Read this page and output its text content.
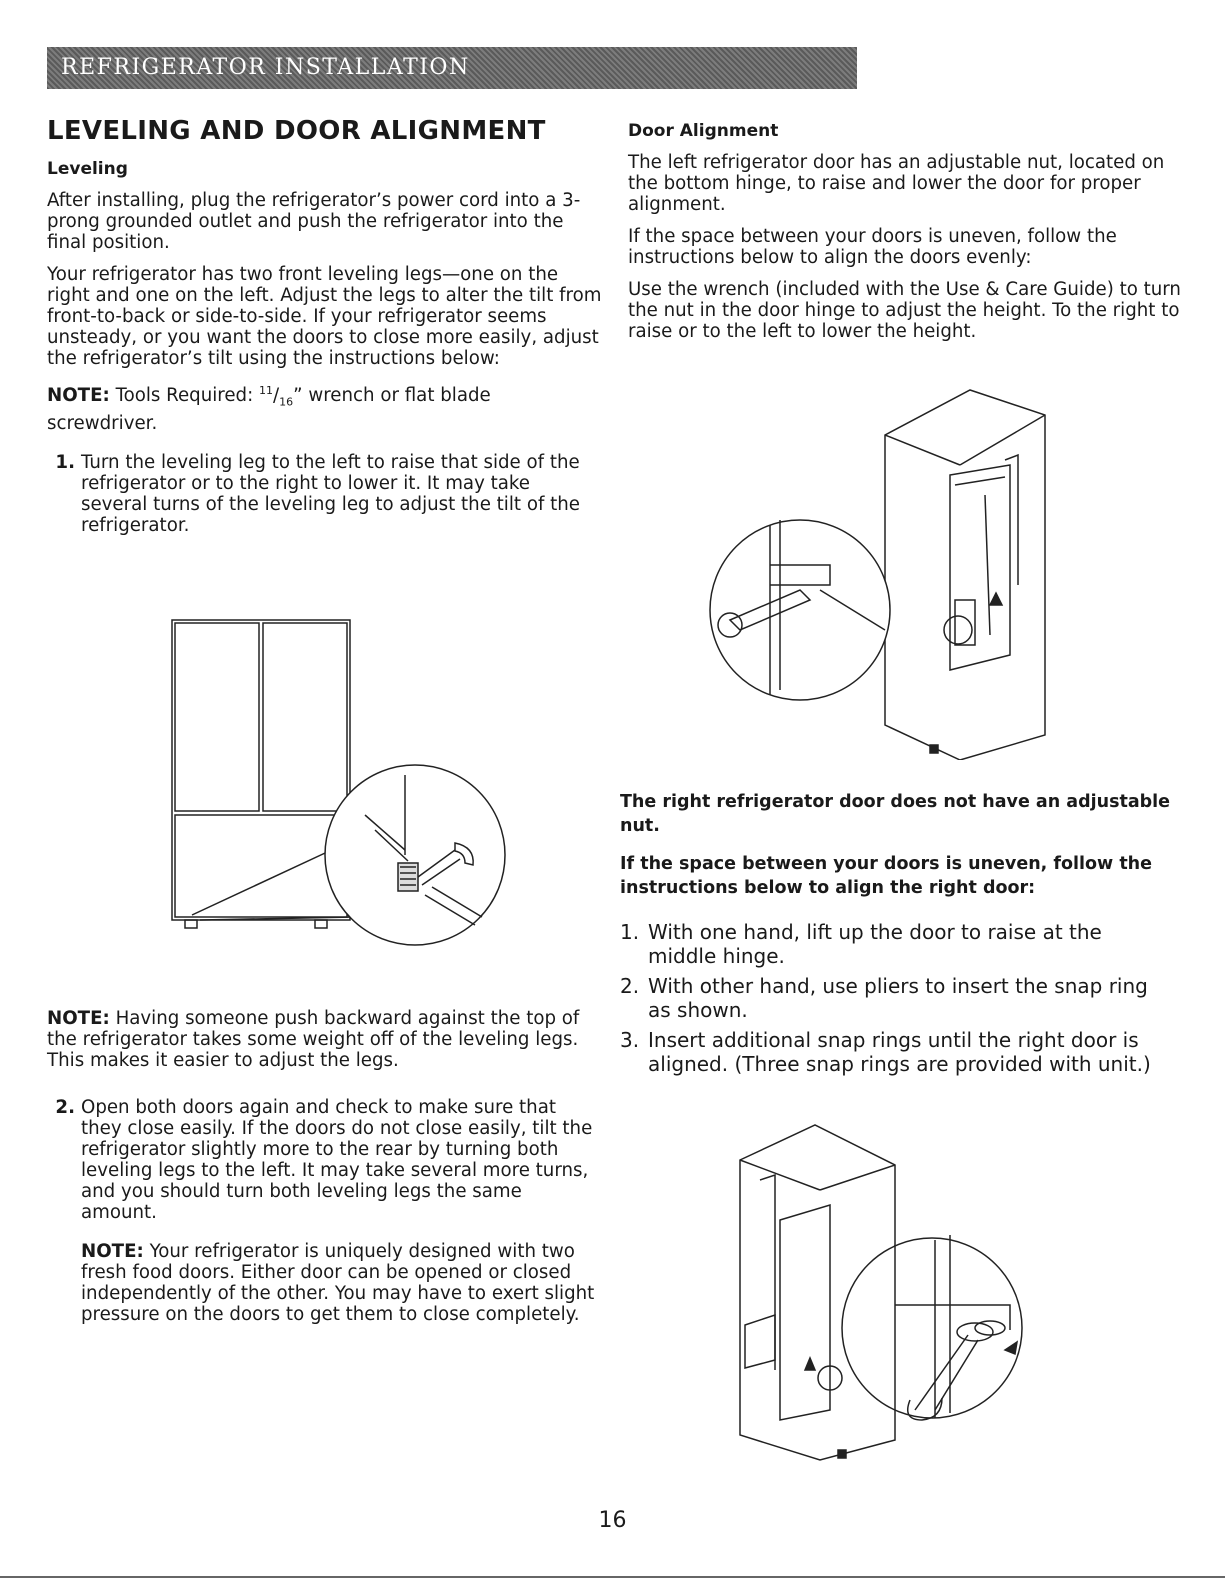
REFRIGERATOR INSTALLATION
LEVELING AND DOOR ALIGNMENT
Leveling

After installing, plug the refrigerator’s power cord into a 3-prong grounded outlet and push the refrigerator into the final position.

Your refrigerator has two front leveling legs—one on the right and one on the left. Adjust the legs to alter the tilt from front-to-back or side-to-side. If your refrigerator seems unsteady, or you want the doors to close more easily, adjust the refrigerator’s tilt using the instructions below:

NOTE: Tools Required: $^{11}/_{16}$” wrench or flat blade screwdriver.

1. Turn the leveling leg to the left to raise that side of the refrigerator or to the right to lower it. It may take several turns of the leveling leg to adjust the tilt of the refrigerator.

NOTE: Having someone push backward against the top of the refrigerator takes some weight off of the leveling legs. This makes it easier to adjust the legs.

2. Open both doors again and check to make sure that they close easily. If the doors do not close easily, tilt the refrigerator slightly more to the rear by turning both leveling legs to the left. It may take several more turns, and you should turn both leveling legs the same amount.

NOTE: Your refrigerator is uniquely designed with two fresh food doors. Either door can be opened or closed independently of the other. You may have to exert slight pressure on the doors to get them to close completely.

Door Alignment

The left refrigerator door has an adjustable nut, located on the bottom hinge, to raise and lower the door for proper alignment.

If the space between your doors is uneven, follow the instructions below to align the doors evenly:

Use the wrench (included with the Use & Care Guide) to turn the nut in the door hinge to adjust the height. To the right to raise or to the left to lower the height.

The right refrigerator door does not have an adjustable nut.

If the space between your doors is uneven, follow the instructions below to align the right door:

1. With one hand, lift up the door to raise at the middle hinge.
2. With other hand, use pliers to insert the snap ring as shown.
3. Insert additional snap rings until the right door is aligned. (Three snap rings are provided with unit.)
16
